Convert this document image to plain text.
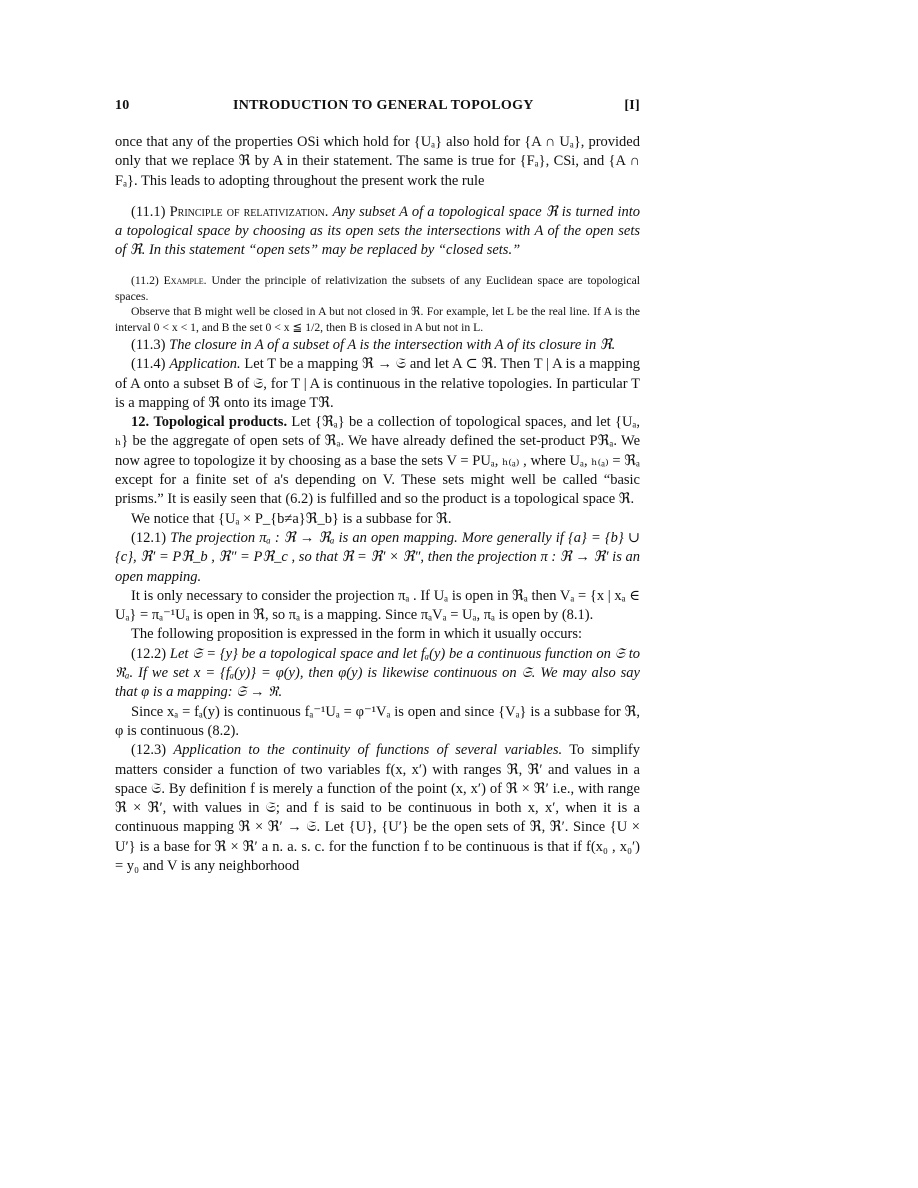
10	INTRODUCTION TO GENERAL TOPOLOGY	[I]

once that any of the properties OSi which hold for {Uₐ} also hold for {A ∩ Uₐ}, provided only that we replace ℜ by A in their statement. The same is true for {Fₐ}, CSi, and {A ∩ Fₐ}. This leads to adopting throughout the present work the rule

(11.1) Principle of relativization. Any subset A of a topological space ℜ is turned into a topological space by choosing as its open sets the intersections with A of the open sets of ℜ. In this statement “open sets” may be replaced by “closed sets.”

(11.2) Example. Under the principle of relativization the subsets of any Euclidean space are topological spaces.

Observe that B might well be closed in A but not closed in ℜ. For example, let L be the real line. If A is the interval 0 < x < 1, and B the set 0 < x ≦ 1/2, then B is closed in A but not in L.

(11.3) The closure in A of a subset of A is the intersection with A of its closure in ℜ.

(11.4) Application. Let T be a mapping ℜ → 𝔖 and let A ⊂ ℜ. Then T | A is a mapping of A onto a subset B of 𝔖, for T | A is continuous in the relative topologies. In particular T is a mapping of ℜ onto its image Tℜ.

12. Topological products. Let {ℜₐ} be a collection of topological spaces, and let {Uₐ, ₕ} be the aggregate of open sets of ℜₐ. We have already defined the set-product Pℜₐ. We now agree to topologize it by choosing as a base the sets V = PUₐ, ₕ₍ₐ₎ , where Uₐ, ₕ₍ₐ₎ = ℜₐ except for a finite set of a's depending on V. These sets might well be called “basic prisms.” It is easily seen that (6.2) is fulfilled and so the product is a topological space ℜ.

We notice that {Uₐ × P_{b≠a}ℜ_b} is a subbase for ℜ.

(12.1) The projection πₐ : ℜ → ℜₐ is an open mapping. More generally if {a} = {b} ∪ {c}, ℜ′ = Pℜ_b , ℜ″ = Pℜ_c , so that ℜ = ℜ′ × ℜ″, then the projection π : ℜ → ℜ′ is an open mapping.

It is only necessary to consider the projection πₐ . If Uₐ is open in ℜₐ then Vₐ = {x | xₐ ∈ Uₐ} = πₐ⁻¹Uₐ is open in ℜ, so πₐ is a mapping. Since πₐVₐ = Uₐ, πₐ is open by (8.1).

The following proposition is expressed in the form in which it usually occurs:

(12.2) Let 𝔖 = {y} be a topological space and let fₐ(y) be a continuous function on 𝔖 to ℜₐ. If we set x = {fₐ(y)} = φ(y), then φ(y) is likewise continuous on 𝔖. We may also say that φ is a mapping: 𝔖 → ℜ.

Since xₐ = fₐ(y) is continuous fₐ⁻¹Uₐ = φ⁻¹Vₐ is open and since {Vₐ} is a subbase for ℜ, φ is continuous (8.2).

(12.3) Application to the continuity of functions of several variables. To simplify matters consider a function of two variables f(x, x′) with ranges ℜ, ℜ′ and values in a space 𝔖. By definition f is merely a function of the point (x, x′) of ℜ × ℜ′ i.e., with range ℜ × ℜ′, with values in 𝔖; and f is said to be continuous in both x, x′, when it is a continuous mapping ℜ × ℜ′ → 𝔖. Let {U}, {U′} be the open sets of ℜ, ℜ′. Since {U × U′} is a base for ℜ × ℜ′ a n. a. s. c. for the function f to be continuous is that if f(x₀ , x₀′) = y₀ and V is any neighborhood
